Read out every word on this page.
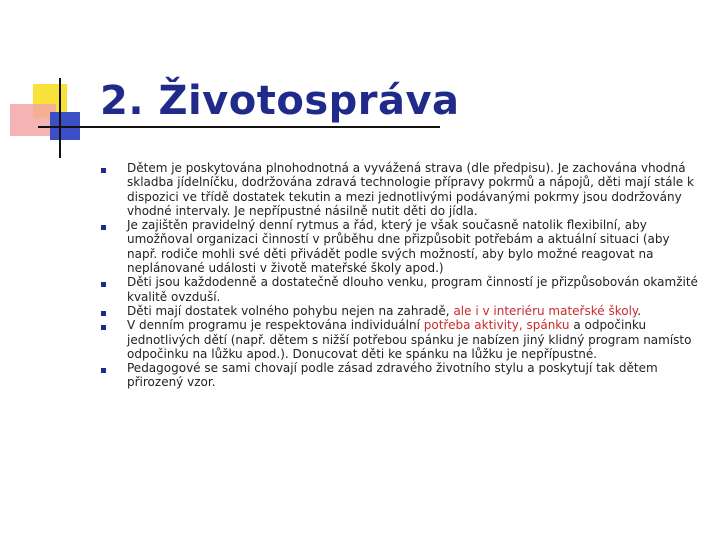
2. Životospráva
Dětem je poskytována plnohodnotná a vyvážená strava (dle předpisu). Je zachována vhodná skladba jídelníčku, dodržována zdravá technologie přípravy pokrmů a nápojů, děti mají stále k dispozici ve třídě dostatek tekutin a mezi jednotlivými podávanými pokrmy jsou dodržovány vhodné intervaly. Je nepřípustné násilně nutit děti do jídla.
Je zajištěn pravidelný denní rytmus a řád, který je však současně natolik flexibilní, aby umožňoval organizaci činností v průběhu dne přizpůsobit potřebám a aktuální situaci (aby např. rodiče mohli své děti přivádět podle svých možností, aby bylo možné reagovat na neplánované události v životě mateřské školy apod.)
Děti jsou každodenně a dostatečně dlouho venku, program činností je přizpůsobován okamžité kvalitě ovzduší.
Děti mají dostatek volného pohybu nejen na zahradě, ale i v interiéru mateřské školy.
V denním programu je respektována individuální potřeba aktivity, spánku a odpočinku jednotlivých dětí (např. dětem s nižší potřebou spánku je nabízen jiný klidný program namísto odpočinku na lůžku apod.). Donucovat děti ke spánku na lůžku je nepřípustné.
Pedagogové se sami chovají podle zásad zdravého životního stylu a poskytují tak dětem přirozený vzor.
